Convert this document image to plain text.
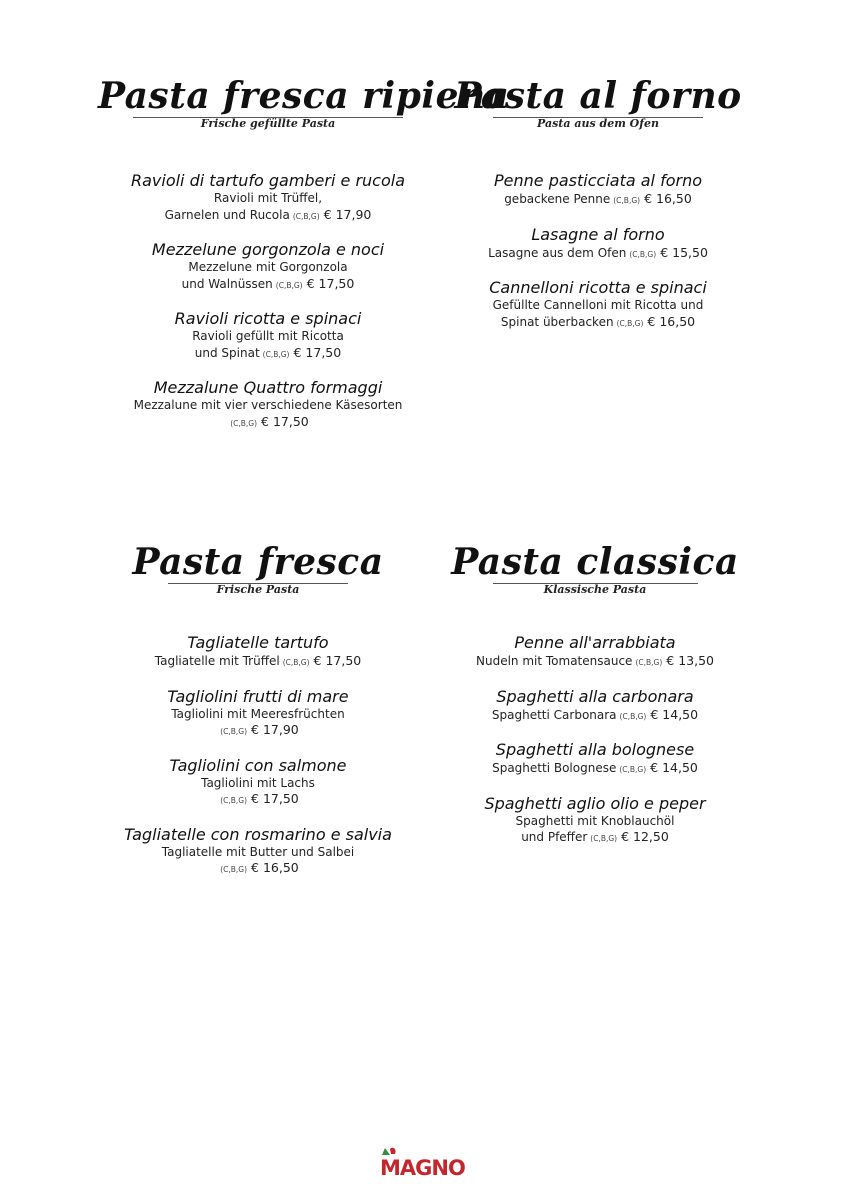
Pasta fresca ripiena
Frische gefüllte Pasta
Ravioli di tartufo gamberi e rucola
Ravioli mit Trüffel,
Garnelen und Rucola (C,B,G) € 17,90
Mezzelune gorgonzola e noci
Mezzelune mit Gorgonzola
und Walnüssen (C,B,G) € 17,50
Ravioli ricotta e spinaci
Ravioli gefüllt mit Ricotta
und Spinat (C,B,G) € 17,50
Mezzalune Quattro formaggi
Mezzalune mit vier verschiedene Käsesorten
(C,B,G) € 17,50
Pasta al forno
Pasta aus dem Ofen
Penne pasticciata al forno
gebackene Penne (C,B,G) € 16,50
Lasagne al forno
Lasagne aus dem Ofen (C,B,G) € 15,50
Cannelloni ricotta e spinaci
Gefüllte Cannelloni mit Ricotta und
Spinat überbacken (C,B,G) € 16,50
Pasta fresca
Frische Pasta
Tagliatelle tartufo
Tagliatelle mit Trüffel (C,B,G) € 17,50
Tagliolini frutti di mare
Tagliolini mit Meeresfrüchten
(C,B,G) € 17,90
Tagliolini con salmone
Tagliolini mit Lachs
(C,B,G) € 17,50
Tagliatelle con rosmarino e salvia
Tagliatelle mit Butter und Salbei
(C,B,G) € 16,50
Pasta classica
Klassische Pasta
Penne all'arrabbiata
Nudeln mit Tomatensauce (C,B,G) € 13,50
Spaghetti alla carbonara
Spaghetti Carbonara (C,B,G) € 14,50
Spaghetti alla bolognese
Spaghetti Bolognese (C,B,G) € 14,50
Spaghetti aglio olio e peper
Spaghetti mit Knoblauchöl
und Pfeffer (C,B,G) € 12,50
MAGNO
